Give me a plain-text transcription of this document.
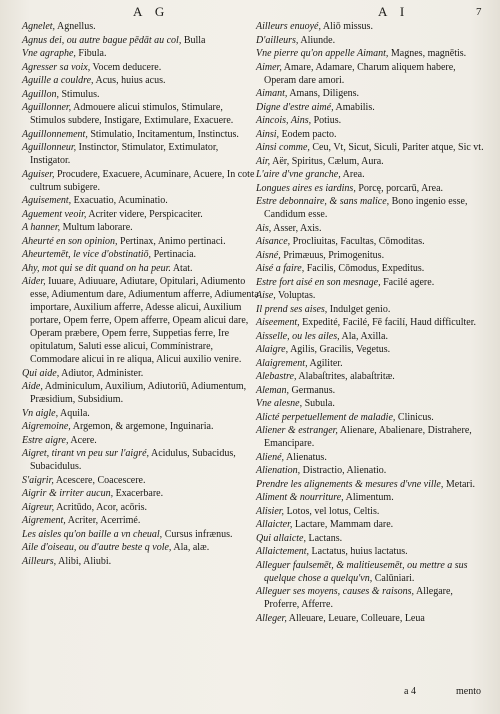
A G	A I	7
Agnelet, Agnellus.
Agnus dei, ou autre bague pēdāt au col, Bulla
Vne agraphe, Fibula.
Agresser sa voix, Vocem deducere.
Aguille a couldre, Acus, huius acus.
Aguillon, Stimulus.
Aguillonner, Admouere alicui stimulos, Stimulare, Stimulos subdere, Instigare, Extimulare, Exacuere.
Aguillonnement, Stimulatio, Incitamentum, Instinctus.
Aguillonneur, Instinctor, Stimulator, Extimulator, Instigator.
Aguiser, Procudere, Exacuere, Acuminare, Acuere, In cote cultrum subigere.
Aguisement, Exacuatio, Acuminatio.
Aguement veoir, Acriter videre, Perspicaciter.
A hanner, Multum laborare.
Aheurté en son opinion, Pertinax, Animo pertinaci.
Aheurtemēt, le vice d'obstinatiō, Pertinacia.
Ahy, mot qui se dit quand on ha peur. Atat.
Aider, Iuuare, Adiuuare, Adiutare, Opitulari, Adiumento esse, Adiumentum dare, Adiumentum afferre, Adiumenta importare, Auxilium afferre, Adesse alicui, Auxilium portare, Opem ferre, Opem afferre, Opeam alicui dare, Operam præbere, Opem ferre, Suppetias ferre, Ire opitulatum, Saluti esse alicui, Commínistrare, Commodare alicui in re aliqua, Alicui auxilio venire.
Qui aide, Adiutor, Administer.
Aide, Adminiculum, Auxilium, Adiutoriū, Adiumentum, Præsidium, Subsidium.
Vn aigle, Aquila.
Aigremoine, Argemon, & argemone, Inguinaria.
Estre aigre, Acere.
Aigret, tirant vn peu sur l'aigré, Acidulus, Subacidus, Subacidulus.
S'aigrir, Acescere, Coacescere.
Aigrir & irriter aucun, Exacerbare.
Aigreur, Acritūdo, Acor, acōris.
Aigrement, Acriter, Acerrimé.
Les aisles qu'on baille a vn cheual, Cursus infrænus.
Aile d'oiseau, ou d'autre beste q vole, Ala, alæ.
Ailleurs, Alibi, Aliubi.
Ailleurs enuoyé, Aliō missus.
D'ailleurs, Aliunde.
Vne pierre qu'on appelle Aimant, Magnes, magnētis.
Aimer, Amare, Adamare, Charum aliquem habere, Operam dare amori.
Aimant, Amans, Diligens.
Digne d'estre aimé, Amabilis.
Aincois, Ains, Potius.
Ainsi, Eodem pacto.
Ainsi comme, Ceu, Vt, Sicut, Siculi, Pariter atque, Sic vt.
Air, Aër, Spiritus, Cælum, Aura.
L'aire d'vne granche, Area.
Longues aires es iardins, Porcę, porcarū, Area.
Estre debonnaire, & sans malice, Bono ingenio esse, Candidum esse.
Ais, Asser, Axis.
Aisance, Procliuitas, Facultas, Cōmoditas.
Aisné, Primæuus, Primogenitus.
Aisé a faire, Facilis, Cōmodus, Expeditus.
Estre fort aisé en son mesnage, Facilé agere.
Aise, Voluptas.
Il prend ses aises, Indulget genio.
Aiseement, Expedité, Facilé, Fē facilí, Haud difficulter.
Aisselle, ou les ailes, Ala, Axilla.
Alaigre, Agilis, Gracilis, Vegetus.
Alaigrement, Agiliter.
Alebastre, Alabaſtrites, alabaſtritæ.
Aleman, Germanus.
Vne alesne, Subula.
Alicté perpetuellement de maladie, Clinicus.
Aliener & estranger, Alienare, Abalienare, Distrahere, Emancipare.
Aliené, Alienatus.
Alienation, Distractio, Alienatio.
Prendre les alignements & mesures d'vne ville, Metari.
Aliment & nourriture, Alimentum.
Alisier, Lotos, vel lotus, Celtis.
Allaicter, Lactare, Mammam dare.
Qui allaicte, Lactans.
Allaictement, Lactatus, huius lactatus.
Alleguer faulsemēt, & malitieusemēt, ou mettre a sus quelque chose a quelqu'vn, Calūniari.
Alleguer ses moyens, causes & raisons, Allegare, Proferre, Afferre.
Alleger, Alleuare, Leuare, Colleuare, Leua
a 4	mento
